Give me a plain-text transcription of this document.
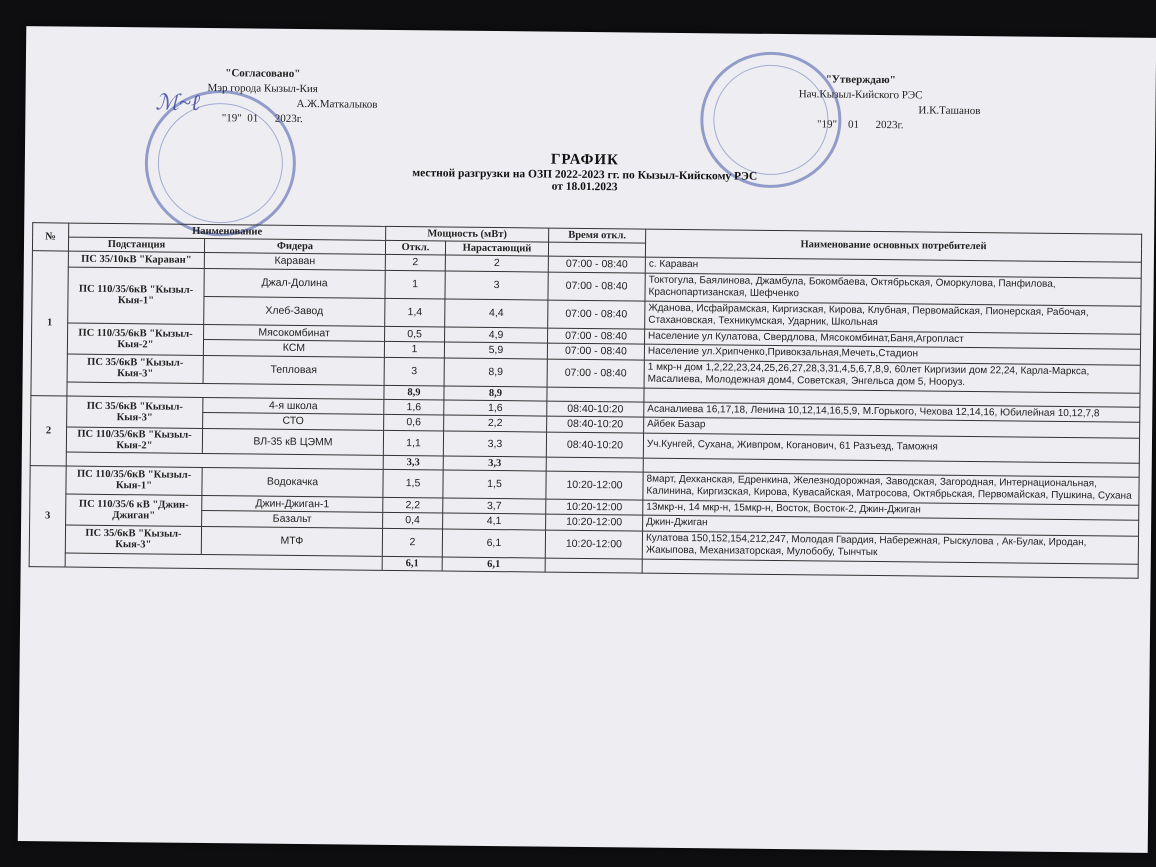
"Согласовано"
Мэр города Кызыл-Кия
А.Ж.Маткалыков
"19" 01 2023г.
ℳ~ℓ
"Утверждаю"
Нач.Кызыл-Кийского РЭС
И.К.Ташанов
"19" 01 2023г.
ГРАФИК
местной разгрузки на ОЗП 2022-2023 гг. по Кызыл-Кийскому РЭС
от 18.01.2023
№	Наименование		Мощность (мВт)		Время откл.	Наименование основных потребителей
	Подстанция	Фидера	Откл.	Нарастающий		
1	ПС 35/10кВ "Караван"	Караван	2	2	07:00 - 08:40	с. Караван
	ПС 110/35/6кВ "Кызыл-Кыя-1"	Джал-Долина	1	3	07:00 - 08:40	Токтогула, Баялинова, Джамбула, Бокомбаева, Октябрьская, Оморкулова, Панфилова, Краснопартизанская, Шефченко
		Хлеб-Завод	1,4	4,4	07:00 - 08:40	Жданова, Исфайрамская, Киргизская, Кирова, Клубная, Первомайская, Пионерская, Рабочая, Стахановская, Техникумская, Ударник, Школьная
	ПС 110/35/6кВ "Кызыл-Кыя-2"	Мясокомбинат	0,5	4,9	07:00 - 08:40	Население ул Кулатова, Свердлова, Мясокомбинат,Баня,Агропласт
		КСМ	1	5,9	07:00 - 08:40	Население ул.Хрипченко,Привокзальная,Мечеть,Стадион
	ПС 35/6кВ "Кызыл-Кыя-3"	Тепловая	3	8,9	07:00 - 08:40	1 мкр-н дом 1,2,22,23,24,25,26,27,28,3,31,4,5,6,7,8,9, 60лет Киргизии дом 22,24, Карла-Маркса, Масалиева, Молодежная дом4, Советская, Энгельса дом 5, Нооруз.
			8,9	8,9		
2	ПС 35/6кВ "Кызыл-Кыя-3"	4-я школа	1,6	1,6	08:40-10:20	Асаналиева 16,17,18, Ленина 10,12,14,16,5,9, М.Горького, Чехова 12,14,16, Юбилейная 10,12,7,8
		СТО	0,6	2,2	08:40-10:20	Айбек Базар
	ПС 110/35/6кВ "Кызыл-Кыя-2"	ВЛ-35 кВ ЦЭММ	1,1	3,3	08:40-10:20	Уч.Кунгей, Сухана, Живпром, Коганович, 61 Разъезд, Таможня
			3,3	3,3		
3	ПС 110/35/6кВ "Кызыл-Кыя-1"	Водокачка	1,5	1,5	10:20-12:00	8март, Дехканская, Едренкина, Железнодорожная, Заводская, Загородная, Интернациональная, Калинина, Киргизская, Кирова, Кувасайская, Матросова, Октябрьская, Первомайская, Пушкина, Сухана
	ПС 110/35/6 кВ "Джин-Джиган"	Джин-Джиган-1	2,2	3,7	10:20-12:00	13мкр-н, 14 мкр-н, 15мкр-н, Восток, Восток-2, Джин-Джиган
		Базальт	0,4	4,1	10:20-12:00	Джин-Джиган
	ПС 35/6кВ "Кызыл-Кыя-3"	МТФ	2	6,1	10:20-12:00	Кулатова 150,152,154,212,247, Молодая Гвардия, Набережная, Рыскулова , Ак-Булак, Иродан, Жакыпова, Механизаторская, Мулобобу, Тынчтык
			6,1	6,1		
